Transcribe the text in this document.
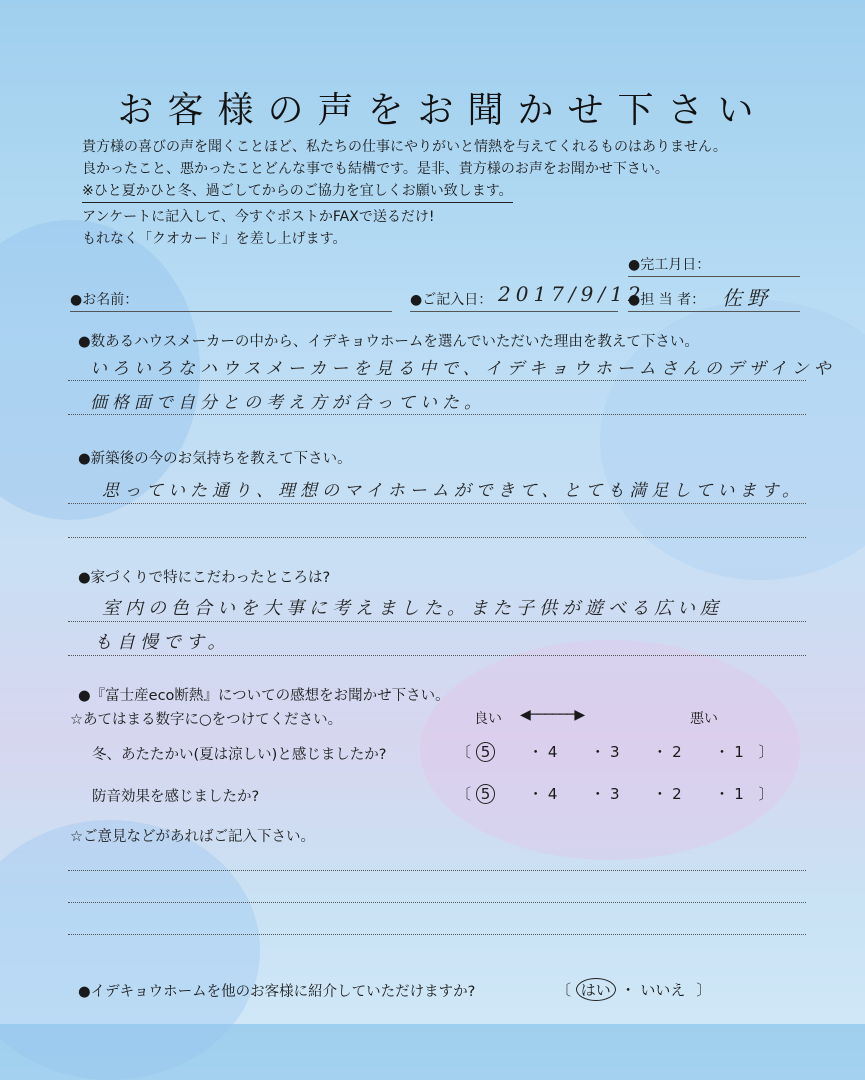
お客様の声をお聞かせ下さい
貴方様の喜びの声を聞くことほど、私たちの仕事にやりがいと情熱を与えてくれるものはありません。
良かったこと、悪かったことどんな事でも結構です。是非、貴方様のお声をお聞かせ下さい。
※ひと夏かひと冬、過ごしてからのご協力を宜しくお願い致します。
アンケートに記入して、今すぐポストかFAXで送るだけ!
もれなく「クオカード」を差し上げます。
●完工月日：
●お名前：	●ご記入日： 2017/9/12
●担 当 者： 佐野
●数あるハウスメーカーの中から、イデキョウホームを選んでいただいた理由を教えて下さい。
いろいろなハウスメーカーを見る中で、イデキョウホームさんのデザインや
価格面で自分との考え方が合っていた。
●新築後の今のお気持ちを教えて下さい。
思っていた通り、理想のマイホームができて、とても満足しています。
●家づくりで特にこだわったところは?
室内の色合いを大事に考えました。また子供が遊べる広い庭
も自慢です。
●『富士産eco断熱』についての感想をお聞かせ下さい。
☆あてはまる数字に○をつけてください。	良い ◀──────▶	悪い
冬、あたたかい(夏は涼しい)と感じましたか?	〔 5	・ 4 ・ 3 ・ 2 ・ 1 〕
防音効果を感じましたか?	〔 5	・ 4 ・ 3 ・ 2 ・ 1 〕
☆ご意見などがあればご記入下さい。
●イデキョウホームを他のお客様に紹介していただけますか?	〔 はい ・ いいえ 〕
